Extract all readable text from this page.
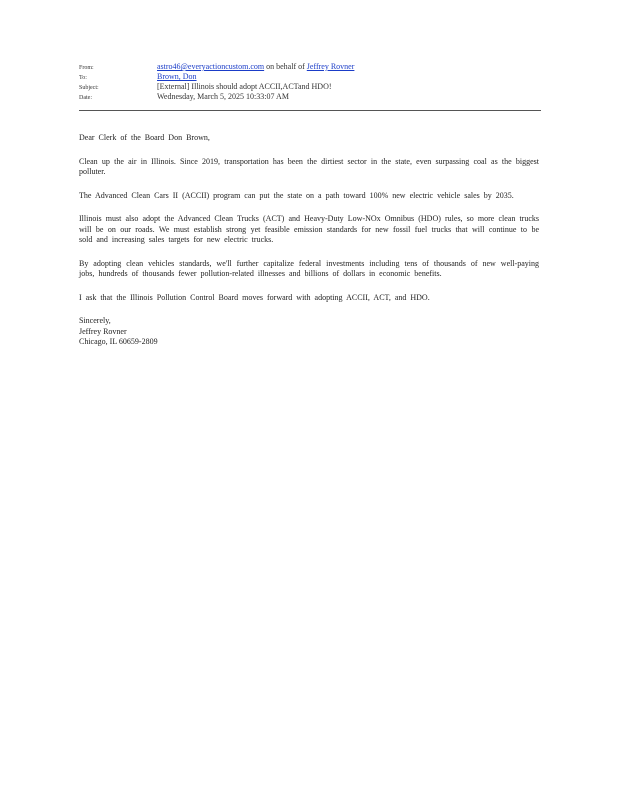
From:	astro46@everyactioncustom.com on behalf of Jeffrey Rovner
To:	Brown, Don
Subject:	[External] Illinois should adopt ACCII,ACTand HDO!
Date:	Wednesday, March 5, 2025 10:33:07 AM

Dear Clerk of the Board Don Brown,

Clean up the air in Illinois. Since 2019, transportation has been the dirtiest sector in the state, even surpassing coal as the biggest polluter.

The Advanced Clean Cars II (ACCII) program can put the state on a path toward 100% new electric vehicle sales by 2035.

Illinois must also adopt the Advanced Clean Trucks (ACT) and Heavy-Duty Low-NOx Omnibus (HDO) rules, so more clean trucks will be on our roads. We must establish strong yet feasible emission standards for new fossil fuel trucks that will continue to be sold and increasing sales targets for new electric trucks.

By adopting clean vehicles standards, we'll further capitalize federal investments including tens of thousands of new well-paying jobs, hundreds of thousands fewer pollution-related illnesses and billions of dollars in economic benefits.

I ask that the Illinois Pollution Control Board moves forward with adopting ACCII, ACT, and HDO.

Sincerely,
Jeffrey Rovner
Chicago, IL 60659-2809
